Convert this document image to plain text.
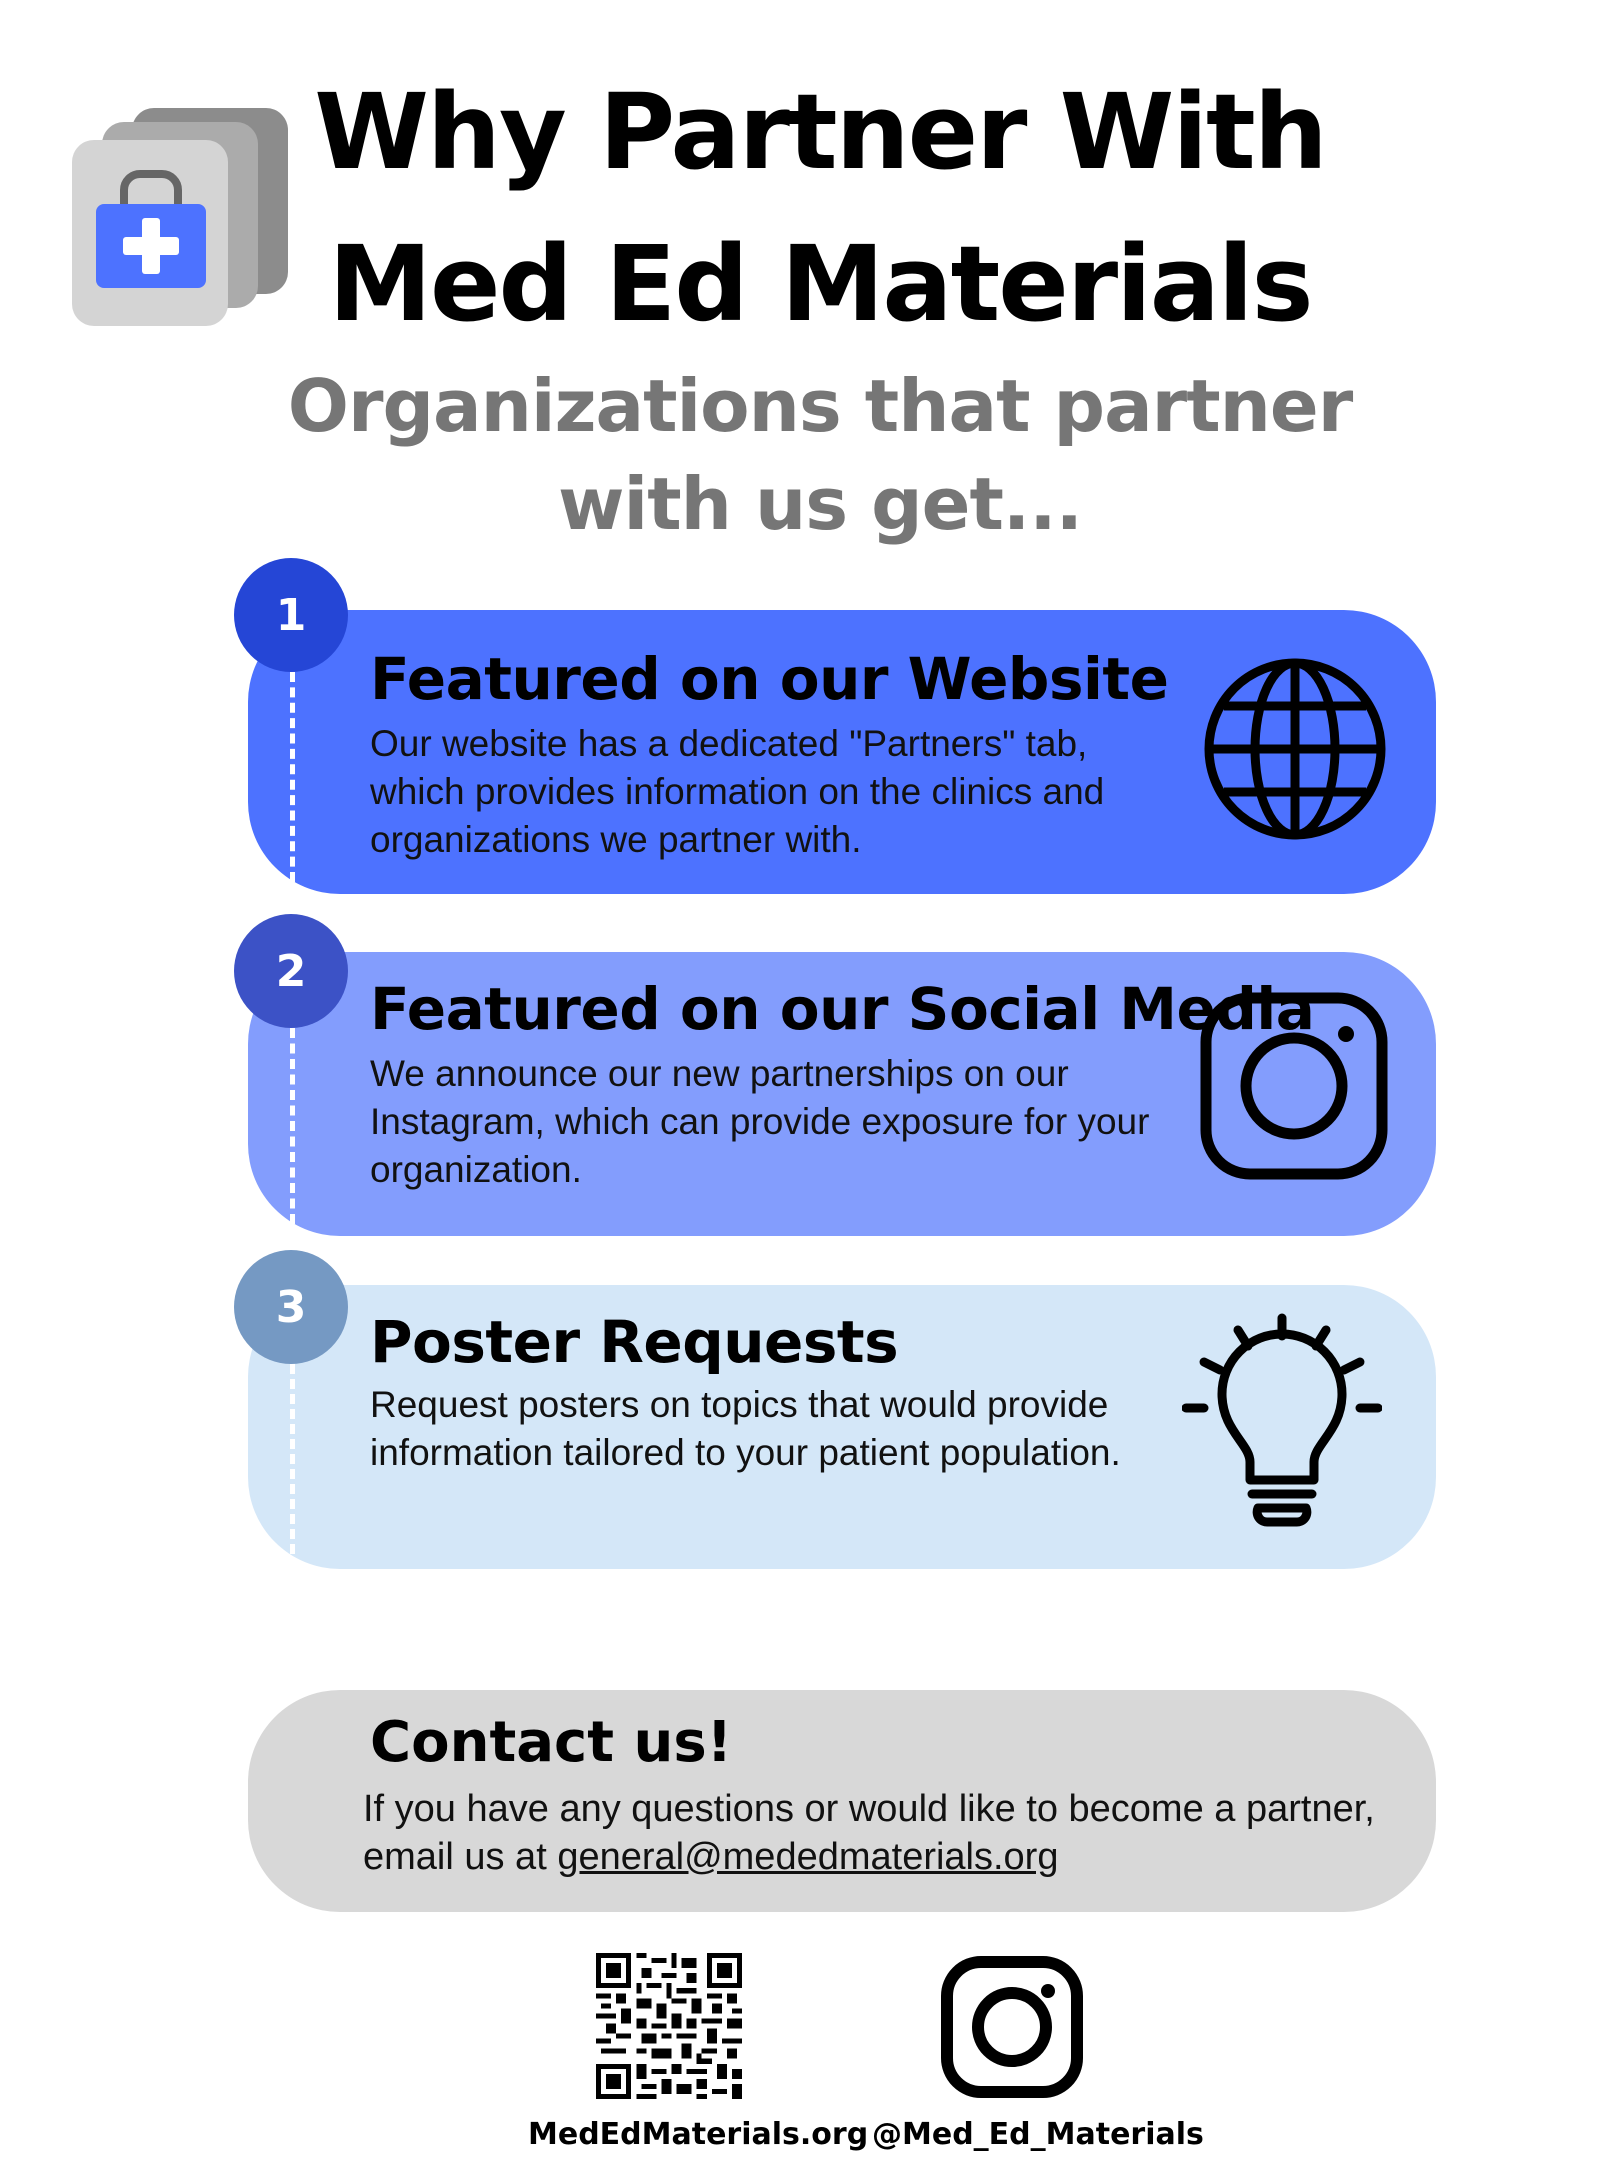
Why Partner With
Med Ed Materials
Organizations that partner
with us get...
1
Featured on our Website
Our website has a dedicated "Partners" tab, which provides information on the clinics and organizations we partner with.
2
Featured on our Social Media
We announce our new partnerships on our Instagram, which can provide exposure for your organization.
3
Poster Requests
Request posters on topics that would provide information tailored to your patient population.
Contact us!
If you have any questions or would like to become a partner, email us at general@mededmaterials.org
MedEdMaterials.org @Med_Ed_Materials
